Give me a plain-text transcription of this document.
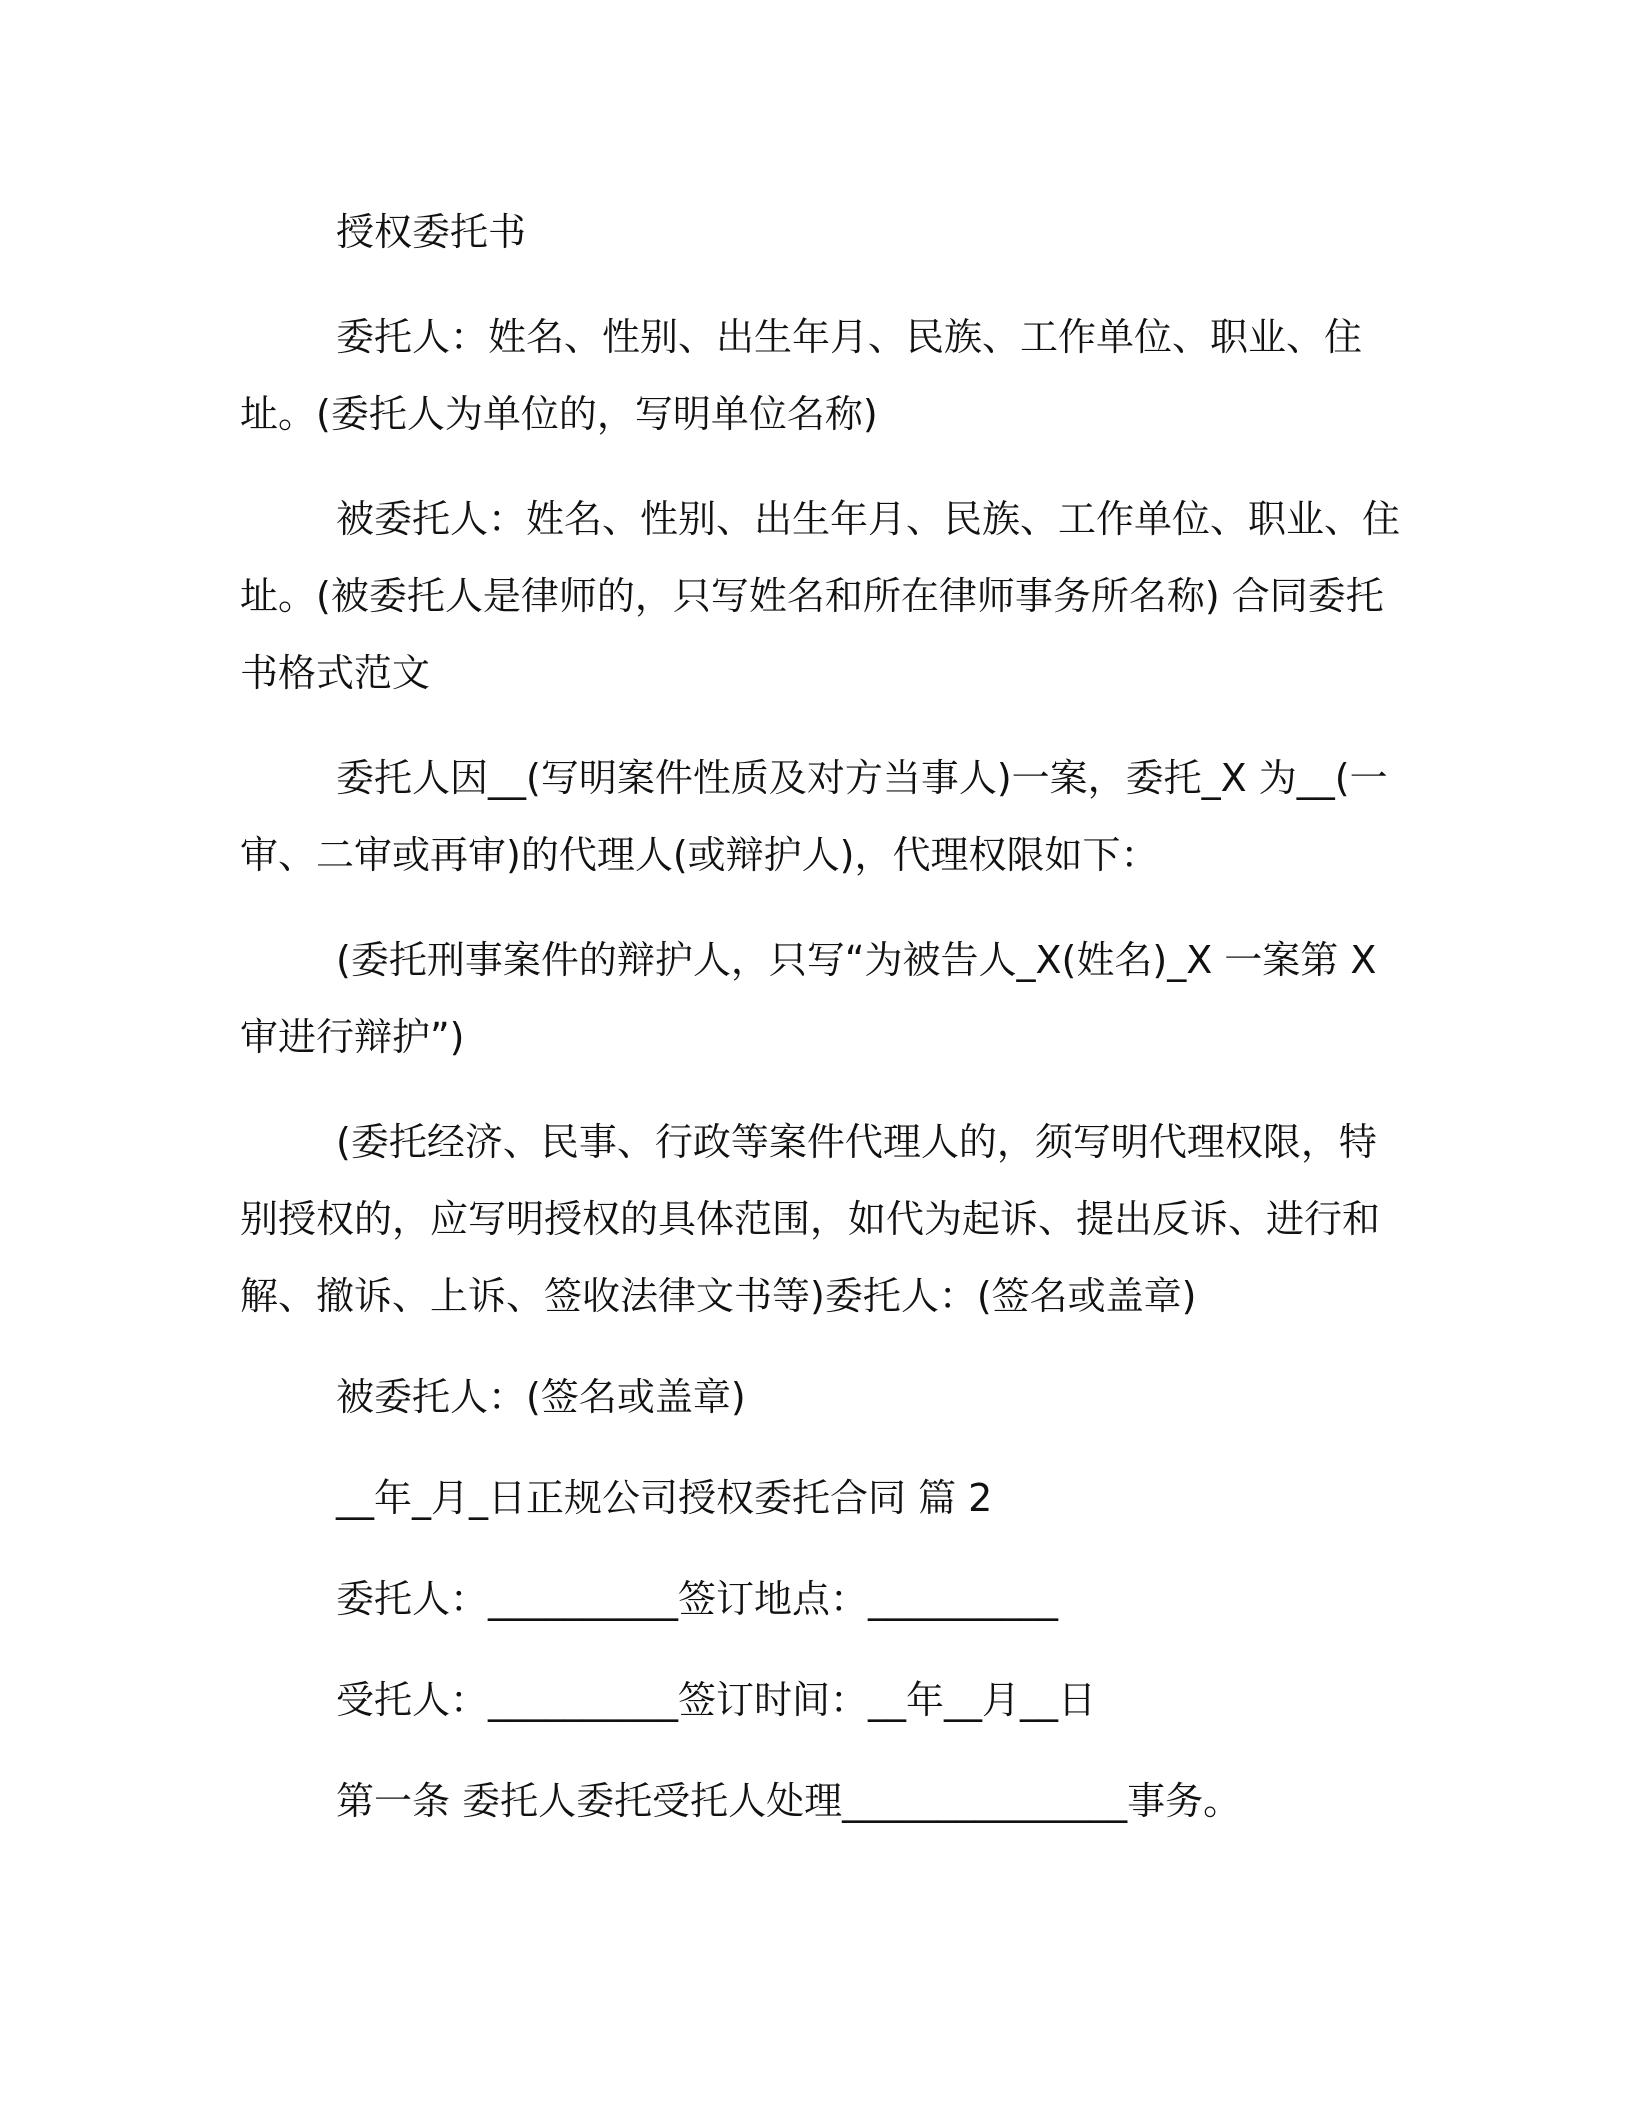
授权委托书

委托人：姓名、性别、出生年月、民族、工作单位、职业、住址。(委托人为单位的，写明单位名称)

被委托人：姓名、性别、出生年月、民族、工作单位、职业、住址。(被委托人是律师的，只写姓名和所在律师事务所名称) 合同委托书格式范文

委托人因__(写明案件性质及对方当事人)一案，委托_X 为__(一审、二审或再审)的代理人(或辩护人)，代理权限如下：

(委托刑事案件的辩护人，只写“为被告人_X(姓名)_X 一案第 X 审进行辩护”)

(委托经济、民事、行政等案件代理人的，须写明代理权限，特别授权的，应写明授权的具体范围，如代为起诉、提出反诉、进行和解、撤诉、上诉、签收法律文书等)委托人：(签名或盖章)

被委托人：(签名或盖章)

__年_月_日正规公司授权委托合同 篇 2

委托人：__________签订地点：__________

受托人：__________签订时间：__年__月__日

第一条 委托人委托受托人处理_______________事务。
